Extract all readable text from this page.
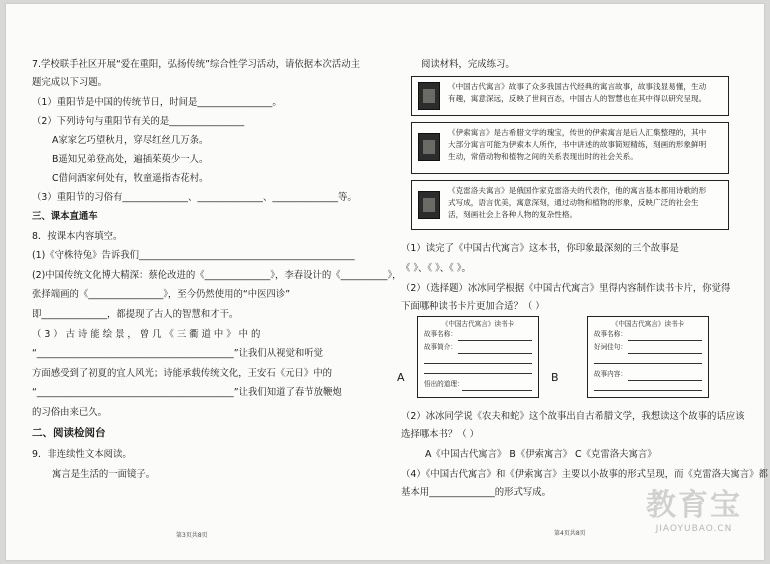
7.学校联手社区开展“爱在重阳，弘扬传统”综合性学习活动，请依据本次活动主
题完成以下习题。
（1）重阳节是中国的传统节日，时间是________________。
（2）下列诗句与重阳节有关的是________________
A家家乞巧望秋月，穿尽红丝几万条。
B遥知兄弟登高处，遍插茱萸少一人。
C借问酒家何处有，牧童遥指杏花村。
（3）重阳节的习俗有______________、______________、______________等。
三、课本直通车
8．按课本内容填空。
(1)《守株待兔》告诉我们______________________________________________
(2)中国传统文化博大精深：蔡伦改进的《______________》，李春设计的《__________》，
张择端画的《________________》，至今仍然使用的“中医四诊”
即______________，都提现了古人的智慧和才干。
（ 3 ） 古 诗 能 绘 景 ， 曾 几 《 三 衢 道 中 》 中 的
“__________________________________________”让我们从视觉和听觉
方面感受到了初夏的宜人风光；诗能承载传统文化，王安石《元日》中的
“__________________________________________”让我们知道了春节放鞭炮
的习俗由来已久。
二、阅读检阅台
9．非连续性文本阅读。
寓言是生活的一面镜子。
第3页共8页
阅读材料，完成练习。
《中国古代寓言》故事了众多我国古代经典的寓言故事，故事浅显易懂，生动有趣，寓意深远，反映了世间百态，中国古人的智慧也在其中得以研究呈现。
《伊索寓言》是古希腊文学的瑰宝，传世的伊索寓言是后人汇集整理的，其中大部分寓言可能为伊索本人所作，书中讲述的故事简短精练，刻画的形象鲜明生动，常借动物和植物之间的关系表现出时的社会关系。
《克雷洛夫寓言》是俄国作家克雷洛夫的代表作，他的寓言基本都用诗歌的形式写成，语言优美，寓意深刻，通过动物和植物的形象，反映广泛的社会生活，刻画社会上各种人物的复杂性格。
（1）读完了《中国古代寓言》这本书，你印象最深刻的三个故事是
《 》、《 》、《 》。
（2）（选择题）冰冰同学根据《中国古代寓言》里得内容制作读书卡片，你觉得
下面哪种读书卡片更加合适？（ ）
A
《中国古代寓言》读书卡
故事名称：
故事简介：
悟出的道理：	B
《中国古代寓言》读书卡
故事名称：
好词佳句：
故事内容：
（2）冰冰同学说《农夫和蛇》这个故事出自古希腊文学，我想读这个故事的话应该
选择哪本书？（ ）
A《中国古代寓言》 B《伊索寓言》 C《克雷洛夫寓言》
（4）《中国古代寓言》和《伊索寓言》主要以小故事的形式呈现，而《克雷洛夫寓言》都
基本用______________的形式写成。
第4页共8页
教育宝
JIAOYUBAO.CN
